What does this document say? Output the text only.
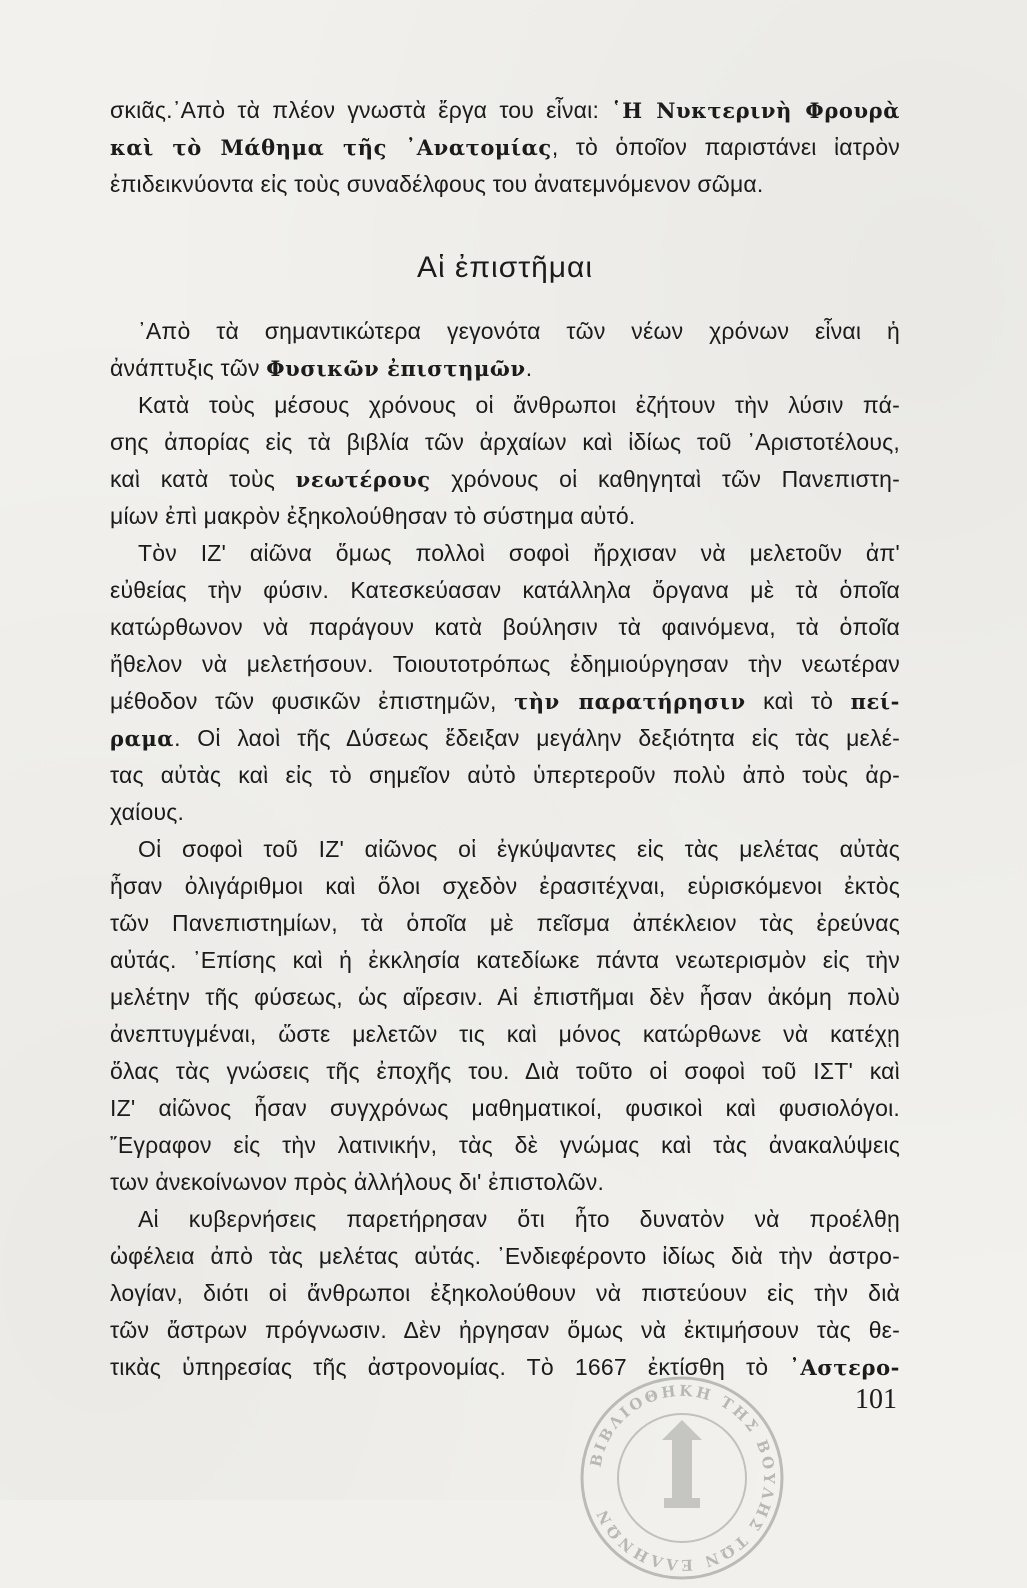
σκιᾶς.᾿Απὸ τὰ πλέον γνωστὰ ἔργα του εἶναι: ῾Η Νυκτερινὴ Φρουρὰ
καὶ τὸ Μάθημα τῆς ᾿Ανατομίας, τὸ ὁποῖον παριστάνει ἰατρὸν
ἐπιδεικνύοντα εἰς τοὺς συναδέλφους του ἀνατεμνόμενον σῶμα.
Αἱ ἐπιστῆμαι
᾿Απὸ τὰ σημαντικώτερα γεγονότα τῶν νέων χρόνων εἶναι ἡ
ἀνάπτυξις τῶν Φυσικῶν ἐπιστημῶν.
Κατὰ τοὺς μέσους χρόνους οἱ ἄνθρωποι ἐζήτουν τὴν λύσιν πά-
σης ἀπορίας εἰς τὰ βιβλία τῶν ἀρχαίων καὶ ἰδίως τοῦ ᾿Αριστοτέλους,
καὶ κατὰ τοὺς νεωτέρους χρόνους οἱ καθηγηταὶ τῶν Πανεπιστη-
μίων ἐπὶ μακρὸν ἐξηκολούθησαν τὸ σύστημα αὐτό.
Τὸν ΙΖ' αἰῶνα ὅμως πολλοὶ σοφοὶ ἤρχισαν νὰ μελετοῦν ἀπ'
εὐθείας τὴν φύσιν. Κατεσκεύασαν κατάλληλα ὄργανα μὲ τὰ ὁποῖα
κατώρθωνον νὰ παράγουν κατὰ βούλησιν τὰ φαινόμενα, τὰ ὁποῖα
ἤθελον νὰ μελετήσουν. Τοιουτοτρόπως ἐδημιούργησαν τὴν νεωτέραν
μέθοδον τῶν φυσικῶν ἐπιστημῶν, τὴν παρατήρησιν καὶ τὸ πεί-
ραμα. Οἱ λαοὶ τῆς Δύσεως ἔδειξαν μεγάλην δεξιότητα εἰς τὰς μελέ-
τας αὐτὰς καὶ εἰς τὸ σημεῖον αὐτὸ ὑπερτεροῦν πολὺ ἀπὸ τοὺς ἀρ-
χαίους.
Οἱ σοφοὶ τοῦ ΙΖ' αἰῶνος οἱ ἐγκύψαντες εἰς τὰς μελέτας αὐτὰς
ἦσαν ὀλιγάριθμοι καὶ ὅλοι σχεδὸν ἐρασιτέχναι, εὑρισκόμενοι ἐκτὸς
τῶν Πανεπιστημίων, τὰ ὁποῖα μὲ πεῖσμα ἀπέκλειον τὰς ἐρεύνας
αὐτάς. ᾿Επίσης καὶ ἡ ἐκκλησία κατεδίωκε πάντα νεωτερισμὸν εἰς τὴν
μελέτην τῆς φύσεως, ὡς αἵρεσιν. Αἱ ἐπιστῆμαι δὲν ἦσαν ἀκόμη πολὺ
ἀνεπτυγμέναι, ὥστε μελετῶν τις καὶ μόνος κατώρθωνε νὰ κατέχῃ
ὅλας τὰς γνώσεις τῆς ἐποχῆς του. Διὰ τοῦτο οἱ σοφοὶ τοῦ ΙΣΤ' καὶ
ΙΖ' αἰῶνος ἦσαν συγχρόνως μαθηματικοί, φυσικοὶ καὶ φυσιολόγοι.
῎Εγραφον εἰς τὴν λατινικήν, τὰς δὲ γνώμας καὶ τὰς ἀνακαλύψεις
των ἀνεκοίνωνον πρὸς ἀλλήλους δι' ἐπιστολῶν.
Αἱ κυβερνήσεις παρετήρησαν ὅτι ἦτο δυνατὸν νὰ προέλθῃ
ὠφέλεια ἀπὸ τὰς μελέτας αὐτάς. ᾿Ενδιεφέροντο ἰδίως διὰ τὴν ἀστρο-
λογίαν, διότι οἱ ἄνθρωποι ἐξηκολούθουν νὰ πιστεύουν εἰς τὴν διὰ
τῶν ἄστρων πρόγνωσιν. Δὲν ἠργησαν ὅμως νὰ ἐκτιμήσουν τὰς θε-
τικὰς ὑπηρεσίας τῆς ἀστρονομίας. Τὸ 1667 ἐκτίσθη τὸ ᾿Αστερο-
ΒΙΒΛΙΟΘΗΚΗ ΤΗΣ ΒΟΥΛΗΣ ΤΩΝ ΕΛΛΗΝΩΝ
101
